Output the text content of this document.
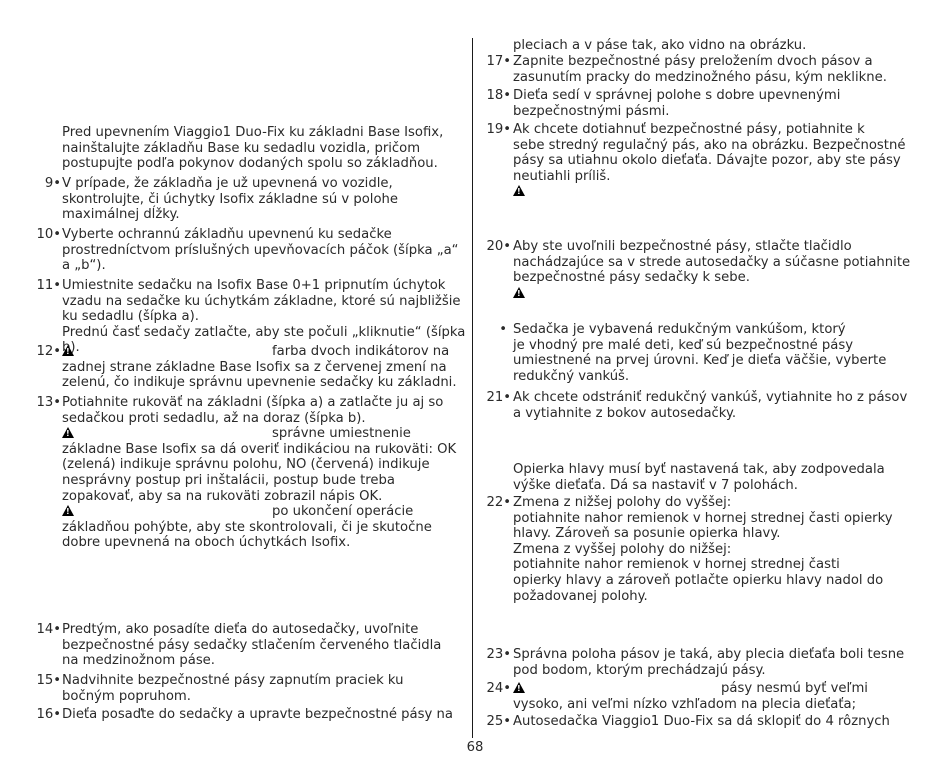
Pred upevnením Viaggio1 Duo-Fix ku základni Base Isofix,
nainštalujte základňu Base ku sedadlu vozidla, pričom
postupujte podľa pokynov dodaných spolu so základňou.
9• V prípade, že základňa je už upevnená vo vozidle,
skontrolujte, či úchytky Isofix základne sú v polohe
maximálnej dĺžky.
10• Vyberte ochrannú základňu upevnenú ku sedačke
prostredníctvom príslušných upevňovacích páčok (šípka „a“
a „b“).
11• Umiestnite sedačku na Isofix Base 0+1 pripnutím úchytok
vzadu na sedačke ku úchytkám základne, ktoré sú najbližšie
ku sedadlu (šípka a).
Prednú časť sedačy zatlačte, aby ste počuli „kliknutie“ (šípka b).
12• !	farba dvoch indikátorov na
zadnej strane základne Base Isofix sa z červenej zmení na
zelenú, čo indikuje správnu upevnenie sedačky ku základni.
13• Potiahnite rukoväť na základni (šípka a) a zatlačte ju aj so
sedačkou proti sedadlu, až na doraz (šípka b).
!správne umiestnenie
základne Base Isofix sa dá overiť indikáciou na rukoväti: OK
(zelená) indikuje správnu polohu, NO (červená) indikuje
nesprávny postup pri inštalácii, postup bude treba
zopakovať, aby sa na rukoväti zobrazil nápis OK.
!po ukončení operácie
základňou pohýbte, aby ste skontrolovali, či je skutočne
dobre upevnená na oboch úchytkách Isofix.
14• Predtým, ako posadíte dieťa do autosedačky, uvoľnite
bezpečnostné pásy sedačky stlačením červeného tlačidla
na medzinožnom páse.
15• Nadvihnite bezpečnostné pásy zapnutím praciek ku
bočným popruhom.
16• Dieťa posaďte do sedačky a upravte bezpečnostné pásy na
pleciach a v páse tak, ako vidno na obrázku.
17• Zapnite bezpečnostné pásy preložením dvoch pásov a
zasunutím pracky do medzinožného pásu, kým neklikne.
18• Dieťa sedí v správnej polohe s dobre upevnenými
bezpečnostnými pásmi.
19• Ak chcete dotiahnuť bezpečnostné pásy, potiahnite k
sebe stredný regulačný pás, ako na obrázku. Bezpečnostné
pásy sa utiahnu okolo dieťaťa. Dávajte pozor, aby ste pásy
neutiahli príliš.
!
20• Aby ste uvoľnili bezpečnostné pásy, stlačte tlačidlo
nachádzajúce sa v strede autosedačky a súčasne potiahnite
bezpečnostné pásy sedačky k sebe.
!
• Sedačka je vybavená redukčným vankúšom, ktorý
je vhodný pre malé deti, keď sú bezpečnostné pásy
umiestnené na prvej úrovni. Keď je dieťa väčšie, vyberte
redukčný vankúš.
21• Ak chcete odstrániť redukčný vankúš, vytiahnite ho z pásov
a vytiahnite z bokov autosedačky.
Opierka hlavy musí byť nastavená tak, aby zodpovedala
výške dieťaťa. Dá sa nastaviť v 7 polohách.
22• Zmena z nižšej polohy do vyššej:
potiahnite nahor remienok v hornej strednej časti opierky
hlavy. Zároveň sa posunie opierka hlavy.
Zmena z vyššej polohy do nižšej:
potiahnite nahor remienok v hornej strednej časti
opierky hlavy a zároveň potlačte opierku hlavy nadol do
požadovanej polohy.
23• Správna poloha pásov je taká, aby plecia dieťaťa boli tesne
pod bodom, ktorým prechádzajú pásy.
24• !	pásy nesmú byť veľmi
vysoko, ani veľmi nízko vzhľadom na plecia dieťaťa;
25• Autosedačka Viaggio1 Duo-Fix sa dá sklopiť do 4 rôznych
68
